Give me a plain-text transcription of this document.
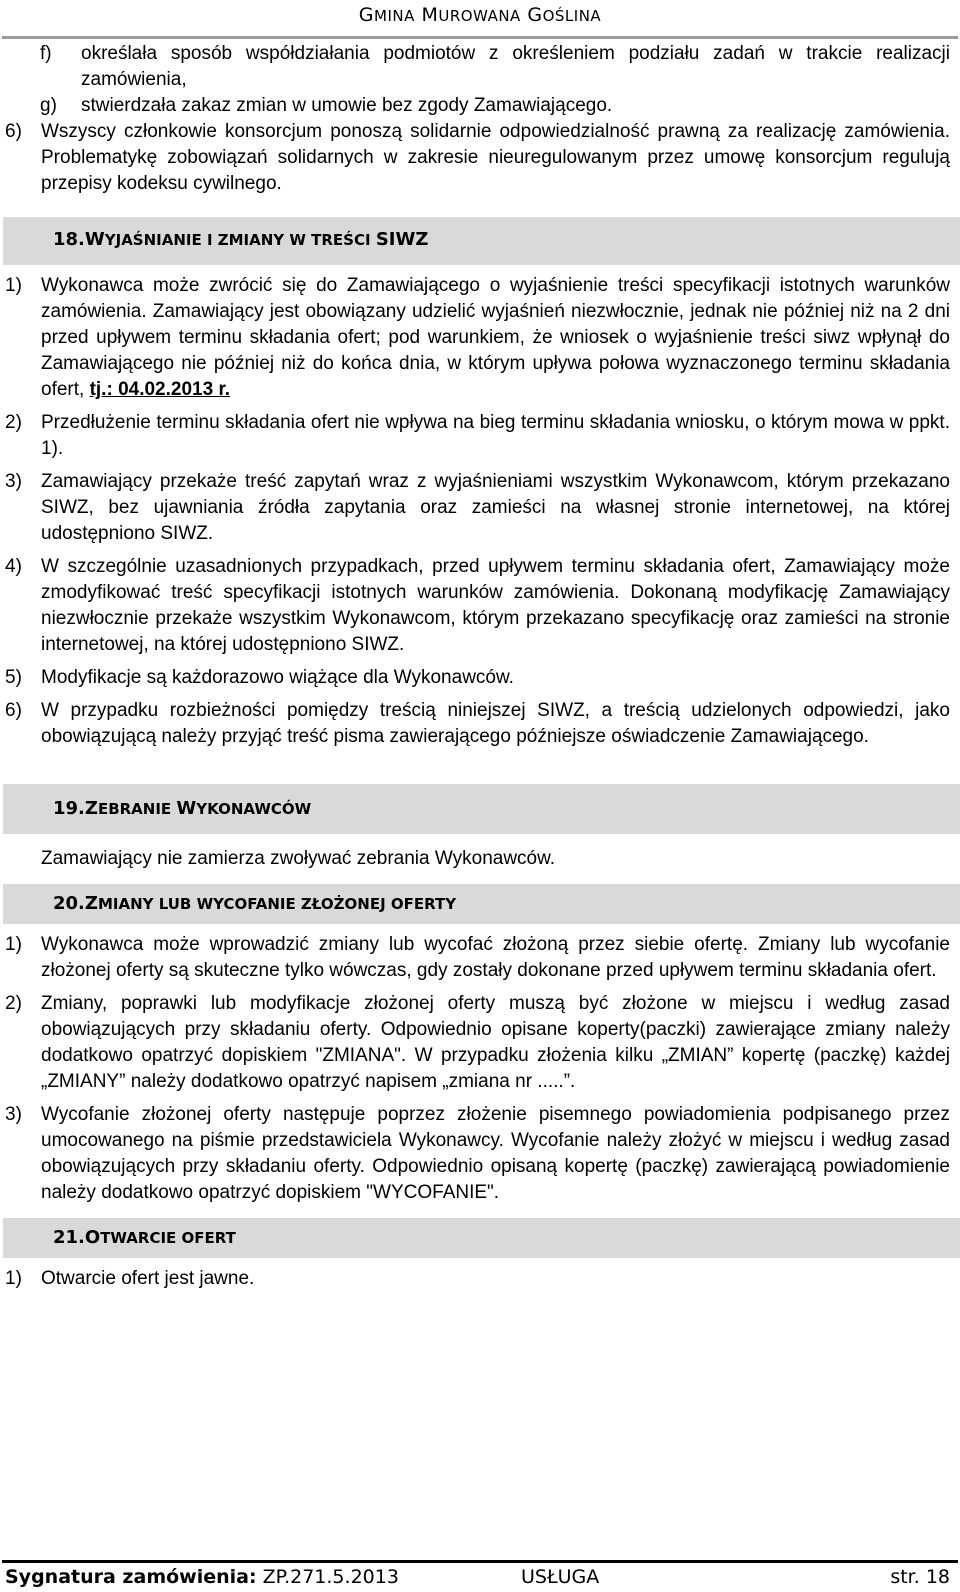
GMINA MUROWANA GOŚLINA

f)	określała sposób współdziałania podmiotów z określeniem podziału zadań w trakcie realizacji zamówienia,

g)	stwierdzała zakaz zmian w umowie bez zgody Zamawiającego.

6) Wszyscy członkowie konsorcjum ponoszą solidarnie odpowiedzialność prawną za realizację zamówienia. Problematykę zobowiązań solidarnych w zakresie nieuregulowanym przez umowę konsorcjum regulują przepisy kodeksu cywilnego.

18.WYJAŚNIANIE I ZMIANY W TREŚCI SIWZ

1) Wykonawca może zwrócić się do Zamawiającego o wyjaśnienie treści specyfikacji istotnych warunków zamówienia. Zamawiający jest obowiązany udzielić wyjaśnień niezwłocznie, jednak nie później niż na 2 dni przed upływem terminu składania ofert; pod warunkiem, że wniosek o wyjaśnienie treści siwz wpłynął do Zamawiającego nie później niż do końca dnia, w którym upływa połowa wyznaczonego terminu składania ofert, tj.: 04.02.2013 r.

2) Przedłużenie terminu składania ofert nie wpływa na bieg terminu składania wniosku, o którym mowa w ppkt. 1).

3) Zamawiający przekaże treść zapytań wraz z wyjaśnieniami wszystkim Wykonawcom, którym przekazano SIWZ, bez ujawniania źródła zapytania oraz zamieści na własnej stronie internetowej, na której udostępniono SIWZ.

4) W szczególnie uzasadnionych przypadkach, przed upływem terminu składania ofert, Zamawiający może zmodyfikować treść specyfikacji istotnych warunków zamówienia. Dokonaną modyfikację Zamawiający niezwłocznie przekaże wszystkim Wykonawcom, którym przekazano specyfikację oraz zamieści na stronie internetowej, na której udostępniono SIWZ.

5) Modyfikacje są każdorazowo wiążące dla Wykonawców.

6) W przypadku rozbieżności pomiędzy treścią niniejszej SIWZ, a treścią udzielonych odpowiedzi, jako obowiązującą należy przyjąć treść pisma zawierającego późniejsze oświadczenie Zamawiającego.

19.ZEBRANIE WYKONAWCÓW

Zamawiający nie zamierza zwoływać zebrania Wykonawców.

20.ZMIANY LUB WYCOFANIE ZŁOŻONEJ OFERTY

1) Wykonawca może wprowadzić zmiany lub wycofać złożoną przez siebie ofertę. Zmiany lub wycofanie złożonej oferty są skuteczne tylko wówczas, gdy zostały dokonane przed upływem terminu składania ofert.

2) Zmiany, poprawki lub modyfikacje złożonej oferty muszą być złożone w miejscu i według zasad obowiązujących przy składaniu oferty. Odpowiednio opisane koperty(paczki) zawierające zmiany należy dodatkowo opatrzyć dopiskiem "ZMIANA". W przypadku złożenia kilku „ZMIAN” kopertę (paczkę) każdej „ZMIANY” należy dodatkowo opatrzyć napisem „zmiana nr .....”.

3) Wycofanie złożonej oferty następuje poprzez złożenie pisemnego powiadomienia podpisanego przez umocowanego na piśmie przedstawiciela Wykonawcy. Wycofanie należy złożyć w miejscu i według zasad obowiązujących przy składaniu oferty. Odpowiednio opisaną kopertę (paczkę) zawierającą powiadomienie należy dodatkowo opatrzyć dopiskiem "WYCOFANIE".

21.OTWARCIE OFERT

1) Otwarcie ofert jest jawne.

Sygnatura zamówienia: ZP.271.5.2013	USŁUGA	str. 18
